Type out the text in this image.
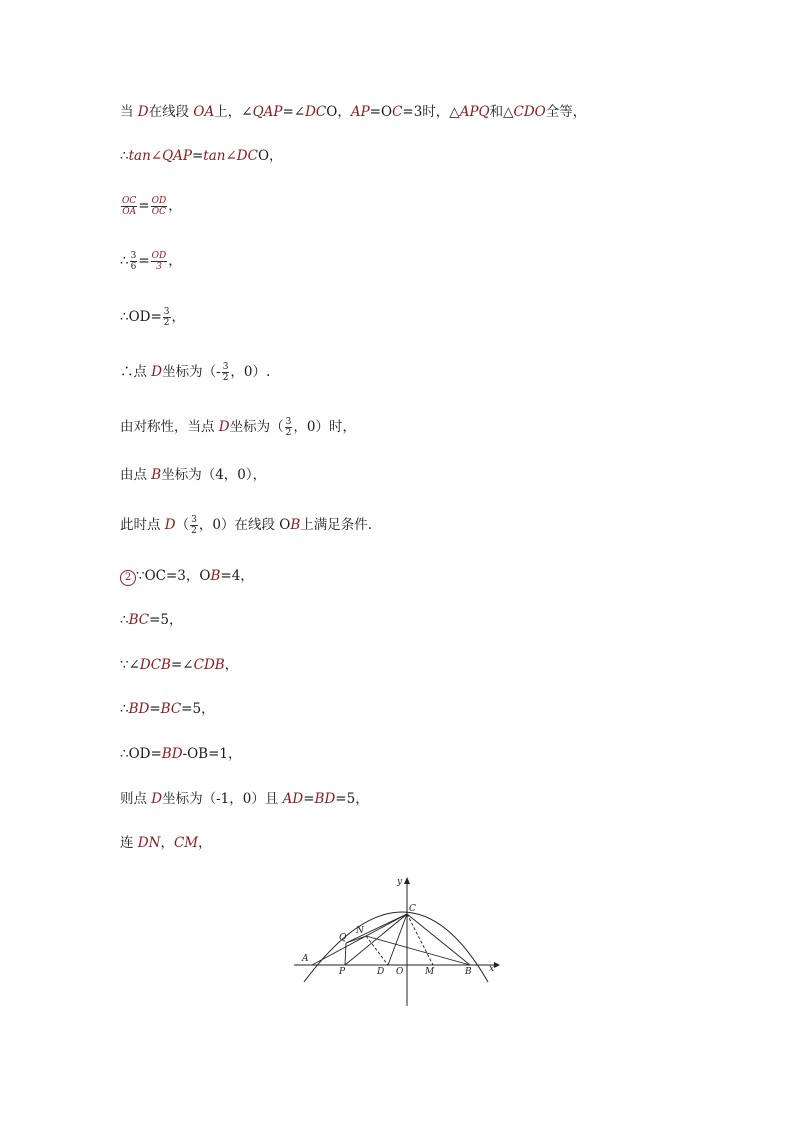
当 D在线段 OA上，∠QAP=∠DCO，AP=OC=3时，△APQ和△CDO全等，
∴tan∠QAP=tan∠DCO，
$\frac{OC}{OA} = \frac{OD}{OC}$ ，
∴ $\frac{3}{6} = \frac{OD}{3}$ ，
∴OD= $\frac{3}{2}$ ，
∴点 D坐标为（- $\frac{3}{2}$ ，0）.
由对称性，当点 D坐标为（ $\frac{3}{2}$ ，0）时，
由点 B坐标为（4，0），
此时点 $D( \frac{3}{2}$ ，0）在线段 OB上满足条件.
2 ∵OC=3，OB=4，
∴BC=5，
∵∠DCB=∠CDB，
∴BD=BC=5，
∴OD=BD-OB=1，
则点 D坐标为（-1，0）且 AD=BD=5，
连 DN，CM，
y
x
C
Q
N
A
P	D O M	B
